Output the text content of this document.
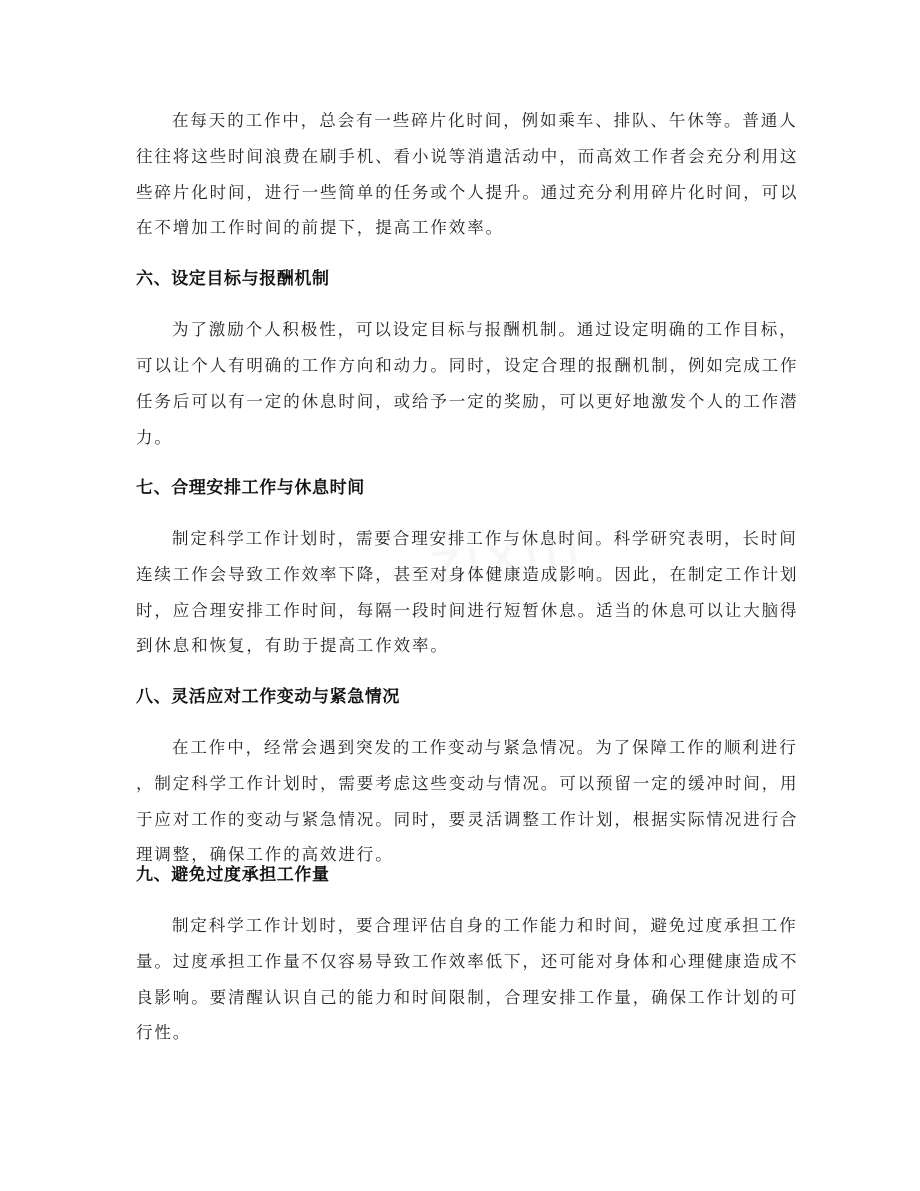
zixin
在每天的工作中，总会有一些碎片化时间，例如乘车、排队、午休等。普通人
往往将这些时间浪费在刷手机、看小说等消遣活动中，而高效工作者会充分利用这
些碎片化时间，进行一些简单的任务或个人提升。通过充分利用碎片化时间，可以
在不增加工作时间的前提下，提高工作效率。
六、设定目标与报酬机制
为了激励个人积极性，可以设定目标与报酬机制。通过设定明确的工作目标，
可以让个人有明确的工作方向和动力。同时，设定合理的报酬机制，例如完成工作
任务后可以有一定的休息时间，或给予一定的奖励，可以更好地激发个人的工作潜
力。
七、合理安排工作与休息时间
制定科学工作计划时，需要合理安排工作与休息时间。科学研究表明，长时间
连续工作会导致工作效率下降，甚至对身体健康造成影响。因此，在制定工作计划
时，应合理安排工作时间，每隔一段时间进行短暂休息。适当的休息可以让大脑得
到休息和恢复，有助于提高工作效率。
八、灵活应对工作变动与紧急情况
在工作中，经常会遇到突发的工作变动与紧急情况。为了保障工作的顺利进行
，制定科学工作计划时，需要考虑这些变动与情况。可以预留一定的缓冲时间，用
于应对工作的变动与紧急情况。同时，要灵活调整工作计划，根据实际情况进行合
理调整，确保工作的高效进行。
九、避免过度承担工作量
制定科学工作计划时，要合理评估自身的工作能力和时间，避免过度承担工作
量。过度承担工作量不仅容易导致工作效率低下，还可能对身体和心理健康造成不
良影响。要清醒认识自己的能力和时间限制，合理安排工作量，确保工作计划的可
行性。
